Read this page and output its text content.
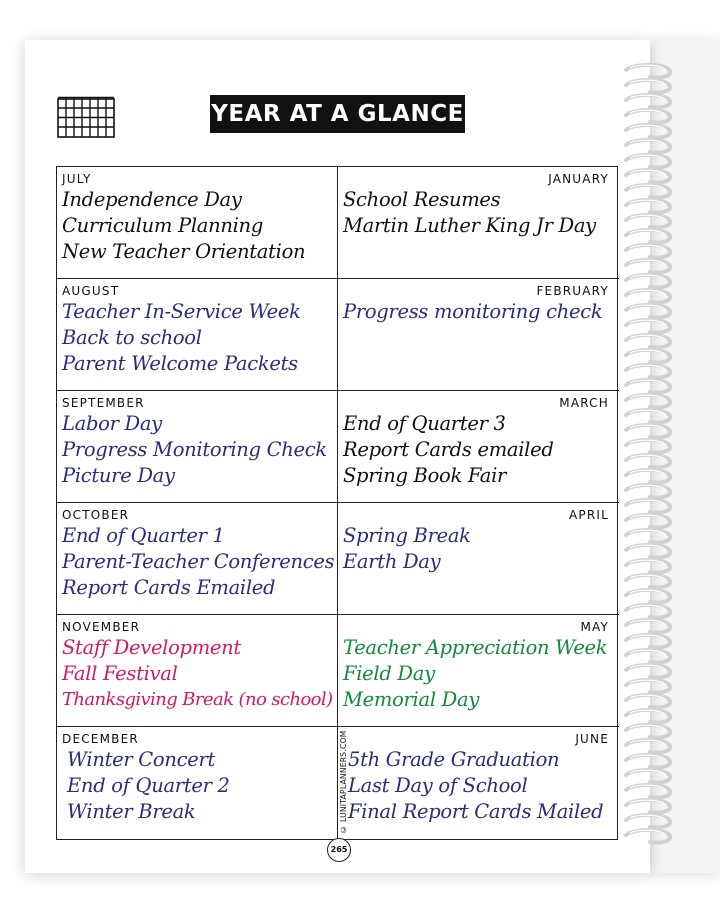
YEAR AT A GLANCE
JULY
Independence Day
Curriculum Planning
New Teacher Orientation
JANUARY
School Resumes
Martin Luther King Jr Day
AUGUST
Teacher In-Service Week
Back to school
Parent Welcome Packets
FEBRUARY
Progress monitoring check
SEPTEMBER
Labor Day
Progress Monitoring Check
Picture Day
MARCH
End of Quarter 3
Report Cards emailed
Spring Book Fair
OCTOBER
End of Quarter 1
Parent-Teacher Conferences
Report Cards Emailed
APRIL
Spring Break
Earth Day
NOVEMBER
Staff Development
Fall Festival
Thanksgiving Break (no school)
MAY
Teacher Appreciation Week
Field Day
Memorial Day
DECEMBER
Winter Concert
End of Quarter 2
Winter Break
JUNE
5th Grade Graduation
Last Day of School
Final Report Cards Mailed
© LUNITAPLANNERS.COM
265
